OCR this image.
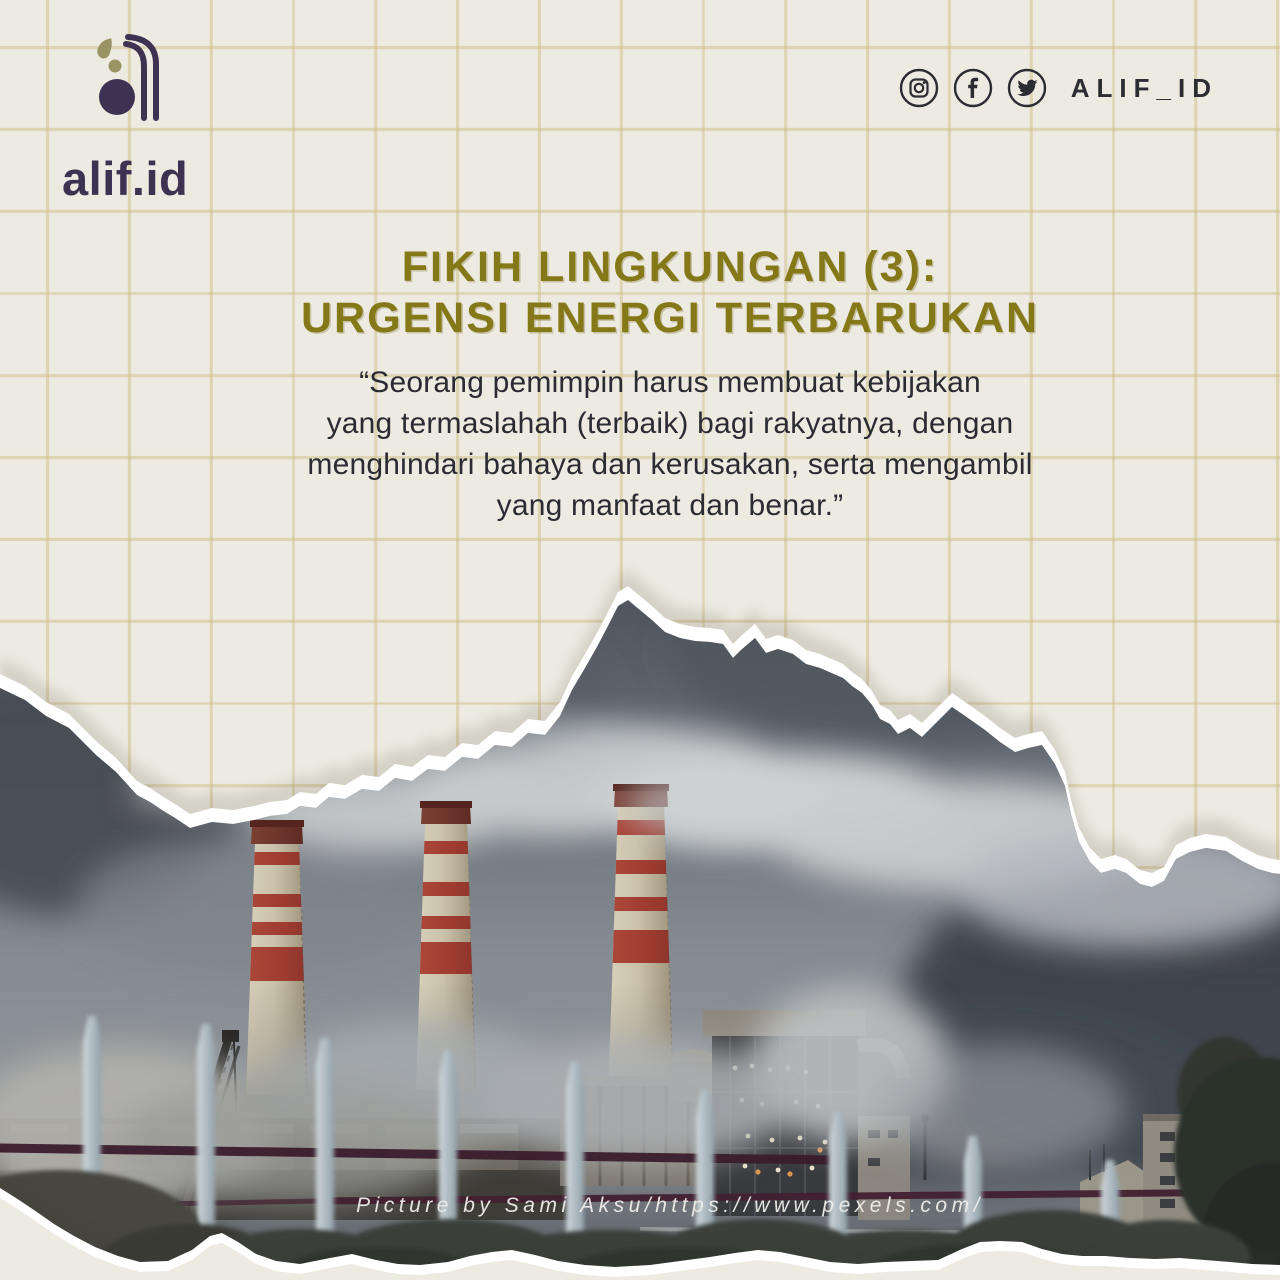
alif.id
ALIF_ID
FIKIH LINGKUNGAN (3):
URGENSI ENERGI TERBARUKAN
“Seorang pemimpin harus membuat kebijakan
yang termaslahah (terbaik) bagi rakyatnya, dengan
menghindari bahaya dan kerusakan, serta mengambil
yang manfaat dan benar.”
Picture by Sami Aksu/https://www.pexels.com/
